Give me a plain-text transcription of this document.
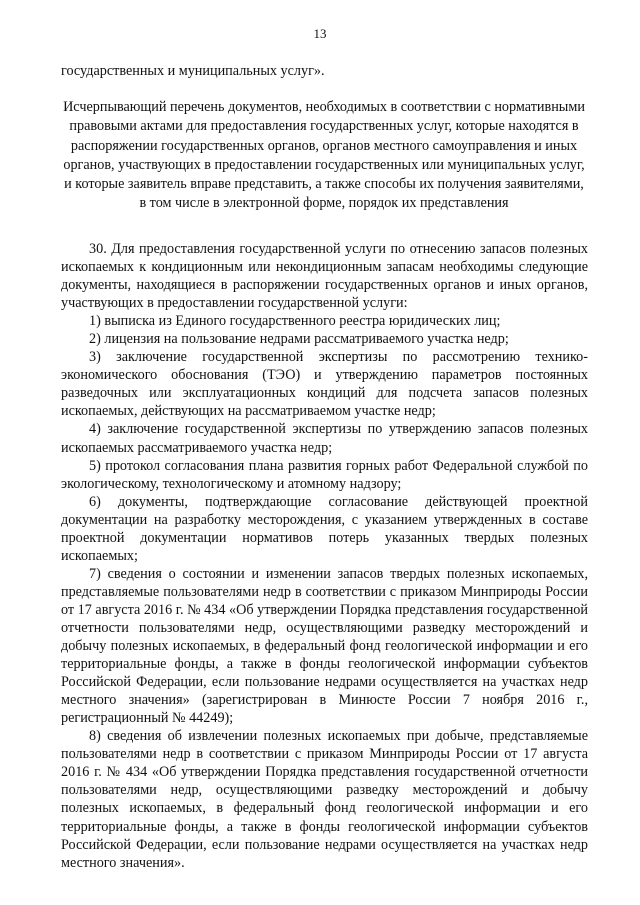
13

государственных и муниципальных услуг».

Исчерпывающий перечень документов, необходимых в соответствии с нормативными правовыми актами для предоставления государственных услуг, которые находятся в распоряжении государственных органов, органов местного самоуправления и иных органов, участвующих в предоставлении государственных или муниципальных услуг, и которые заявитель вправе представить, а также способы их получения заявителями, в том числе в электронной форме, порядок их представления

30. Для предоставления государственной услуги по отнесению запасов полезных ископаемых к кондиционным или некондиционным запасам необходимы следующие документы, находящиеся в распоряжении государственных органов и иных органов, участвующих в предоставлении государственной услуги:

1) выписка из Единого государственного реестра юридических лиц;

2) лицензия на пользование недрами рассматриваемого участка недр;

3) заключение государственной экспертизы по рассмотрению технико-экономического обоснования (ТЭО) и утверждению параметров постоянных разведочных или эксплуатационных кондиций для подсчета запасов полезных ископаемых, действующих на рассматриваемом участке недр;

4) заключение государственной экспертизы по утверждению запасов полезных ископаемых рассматриваемого участка недр;

5) протокол согласования плана развития горных работ Федеральной службой по экологическому, технологическому и атомному надзору;

6) документы, подтверждающие согласование действующей проектной документации на разработку месторождения, с указанием утвержденных в составе проектной документации нормативов потерь указанных твердых полезных ископаемых;

7) сведения о состоянии и изменении запасов твердых полезных ископаемых, представляемые пользователями недр в соответствии с приказом Минприроды России от 17 августа 2016 г. № 434 «Об утверждении Порядка представления государственной отчетности пользователями недр, осуществляющими разведку месторождений и добычу полезных ископаемых, в федеральный фонд геологической информации и его территориальные фонды, а также в фонды геологической информации субъектов Российской Федерации, если пользование недрами осуществляется на участках недр местного значения» (зарегистрирован в Минюсте России 7 ноября 2016 г., регистрационный № 44249);

8) сведения об извлечении полезных ископаемых при добыче, представляемые пользователями недр в соответствии с приказом Минприроды России от 17 августа 2016 г. № 434 «Об утверждении Порядка представления государственной отчетности пользователями недр, осуществляющими разведку месторождений и добычу полезных ископаемых, в федеральный фонд геологической информации и его территориальные фонды, а также в фонды геологической информации субъектов Российской Федерации, если пользование недрами осуществляется на участках недр местного значения».
